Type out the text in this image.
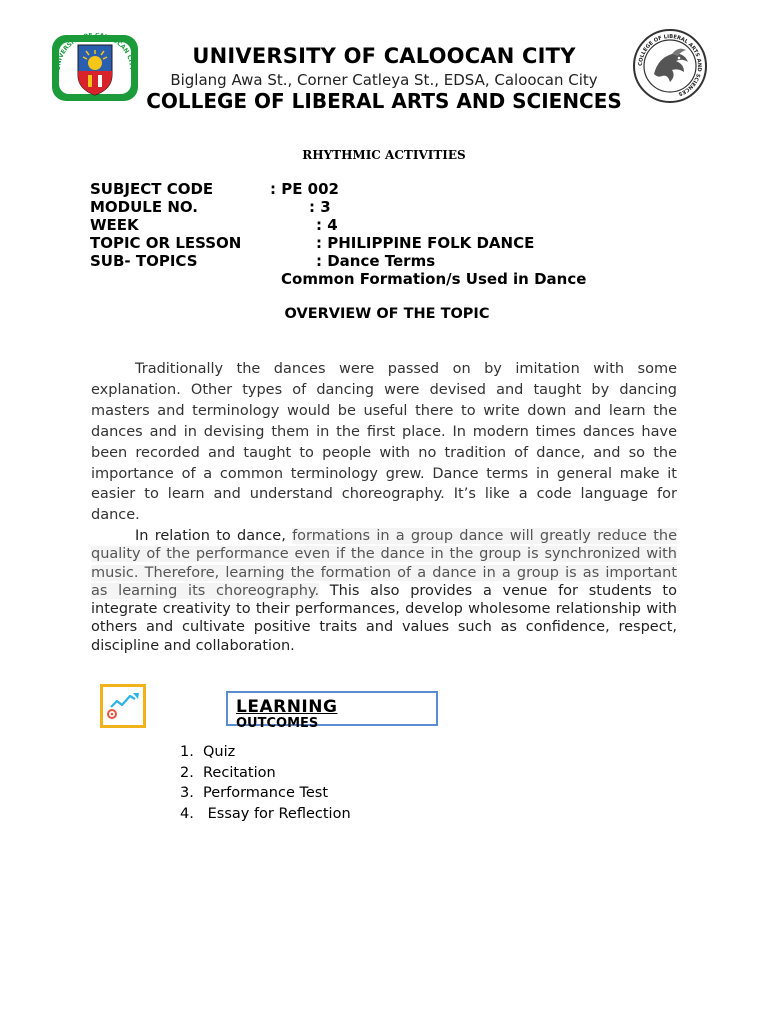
UNIVERSITY OF CALOOCAN CITY
COLLEGE OF LIBERAL ARTS AND SCIENCES
UNIVERSITY OF CALOOCAN CITY
Biglang Awa St., Corner Catleya St., EDSA, Caloocan City
COLLEGE OF LIBERAL ARTS AND SCIENCES
RHYTHMIC ACTIVITIES
SUBJECT CODE	: PE 002
MODULE NO.	: 3
WEEK	: 4
TOPIC OR LESSON	: PHILIPPINE FOLK DANCE
SUB- TOPICS	: Dance Terms
Common Formation/s Used in Dance
OVERVIEW OF THE TOPIC
Traditionally the dances were passed on by imitation with some explanation. Other types of dancing were devised and taught by dancing masters and terminology would be useful there to write down and learn the dances and in devising them in the first place. In modern times dances have been recorded and taught to people with no tradition of dance, and so the importance of a common terminology grew. Dance terms in general make it easier to learn and understand choreography. It’s like a code language for dance.
In relation to dance, formations in a group dance will greatly reduce the quality of the performance even if the dance in the group is synchronized with music. Therefore, learning the formation of a dance in a group is as important as learning its choreography. This also provides a venue for students to integrate creativity to their performances, develop wholesome relationship with others and cultivate positive traits and values such as confidence, respect, discipline and collaboration.
LEARNING
OUTCOMES
1. Quiz
2. Recitation
3. Performance Test
4. Essay for Reflection
